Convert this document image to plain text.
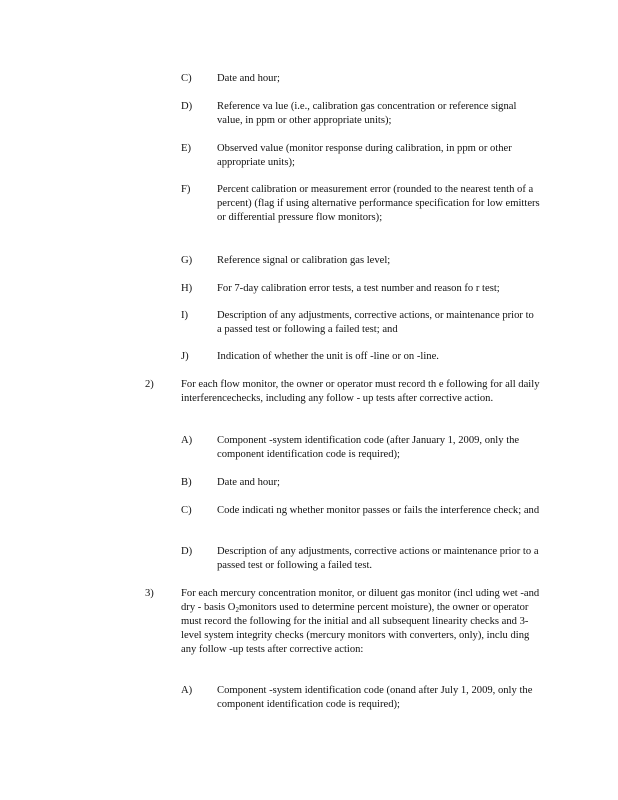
C) Date and hour;
D) Reference va lue (i.e., calibration gas concentration or reference signal value, in ppm or other appropriate units);
E) Observed value (monitor response during calibration, in ppm or other appropriate units);
F)	Percent calibration or measurement error (rounded to the nearest tenth of a percent) (flag if using alternative performance specification for low emitters or differential pressure flow monitors);
G) Reference signal or calibration gas level;
H) For 7-day calibration error tests, a test number and reason fo r test;
I)	Description of any adjustments, corrective actions, or maintenance prior to a passed test or following a failed test; and
J)	Indication of whether the unit is off -line or on -line.
2)	For each flow monitor, the owner or operator must record th e following for all daily interferencechecks, including any follow - up tests after corrective action.
A) Component -system identification code (after January 1, 2009, only the component identification code is required);
B) Date and hour;
C) Code indicati ng whether monitor passes or fails the interference check; and
D) Description of any adjustments, corrective actions or maintenance prior to a passed test or following a failed test.
3)	For each mercury concentration monitor, or diluent gas monitor (incl uding wet -and dry - basis $O_2monitors$ used to determine percent moisture), the owner or operator must record the following for the initial and all subsequent linearity checks and 3-level system integrity checks (mercury monitors with converters, only), inclu ding any follow -up tests after corrective action:
A) Component -system identification code (onand after July 1, 2009, only the component identification code is required);
